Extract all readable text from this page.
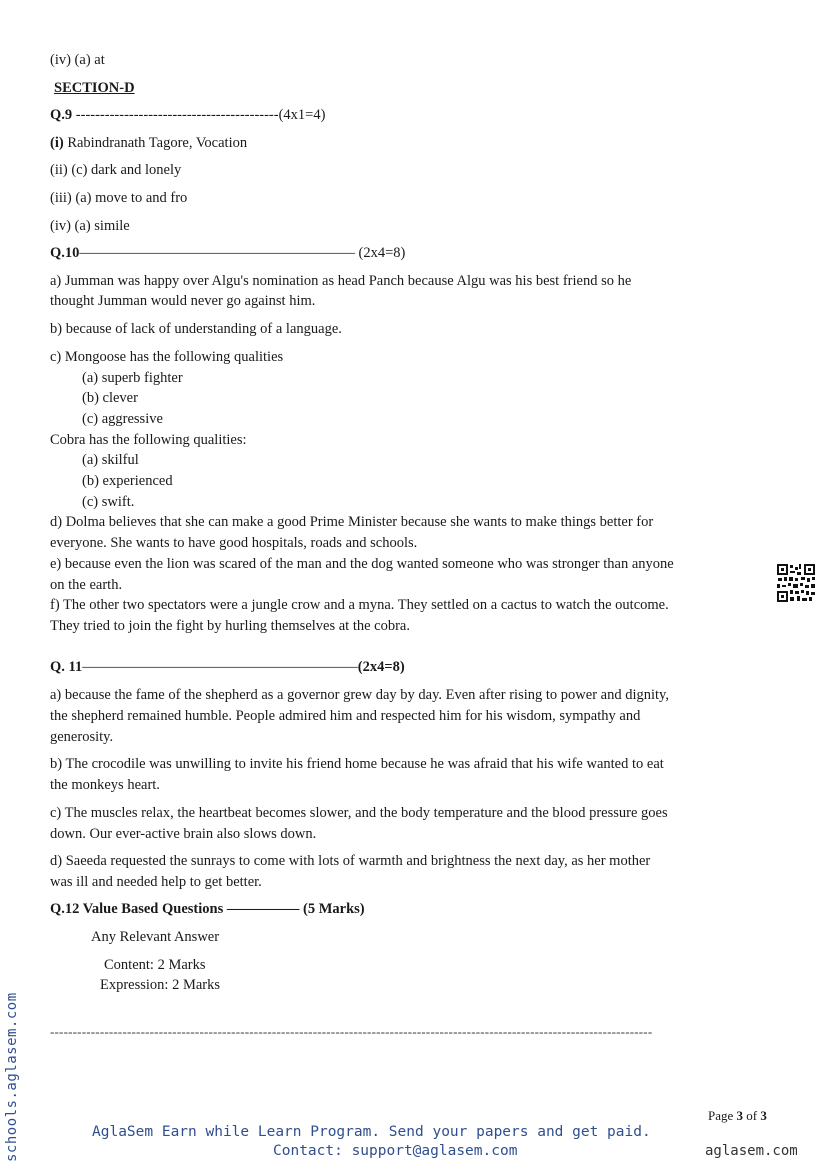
(iv) (a) at
SECTION-D
Q.9 ------------------------------------------(4x1=4)
(i) Rabindranath Tagore, Vocation
(ii) (c) dark and lonely
(iii) (a) move to and fro
(iv) (a) simile
Q.10——————————————————— (2x4=8)
a) Jumman was happy over Algu's nomination as head Panch because Algu was his best friend so he
thought Jumman would never go against him.
b) because of lack of understanding of a language.
c) Mongoose has the following qualities
(a) superb fighter
(b) clever
(c) aggressive
Cobra has the following qualities:
(a) skilful
(b) experienced
(c) swift.
d) Dolma believes that she can make a good Prime Minister because she wants to make things better for
everyone. She wants to have good hospitals, roads and schools.
e) because even the lion was scared of the man and the dog wanted someone who was stronger than anyone
on the earth.
f) The other two spectators were a jungle crow and a myna. They settled on a cactus to watch the outcome.
They tried to join the fight by hurling themselves at the cobra.
Q. 11———————————————————(2x4=8)
a) because the fame of the shepherd as a governor grew day by day. Even after rising to power and dignity,
the shepherd remained humble. People admired him and respected him for his wisdom, sympathy and
generosity.
b) The crocodile was unwilling to invite his friend home because he was afraid that his wife wanted to eat
the monkeys heart.
c) The muscles relax, the heartbeat becomes slower, and the body temperature and the blood pressure goes
down. Our ever-active brain also slows down.
d) Saeeda requested the sunrays to come with lots of warmth and brightness the next day, as her mother
was ill and needed help to get better.
Q.12 Value Based Questions ————— (5 Marks)
Any Relevant Answer
Content: 2 Marks
Expression: 2 Marks
-------------------------------------------------------------------------------------------------------------------------------------
Page 3 of 3
AglaSem Earn while Learn Program. Send your papers and get paid.
Contact: support@aglasem.com
schools.aglasem.com	aglasem.com
